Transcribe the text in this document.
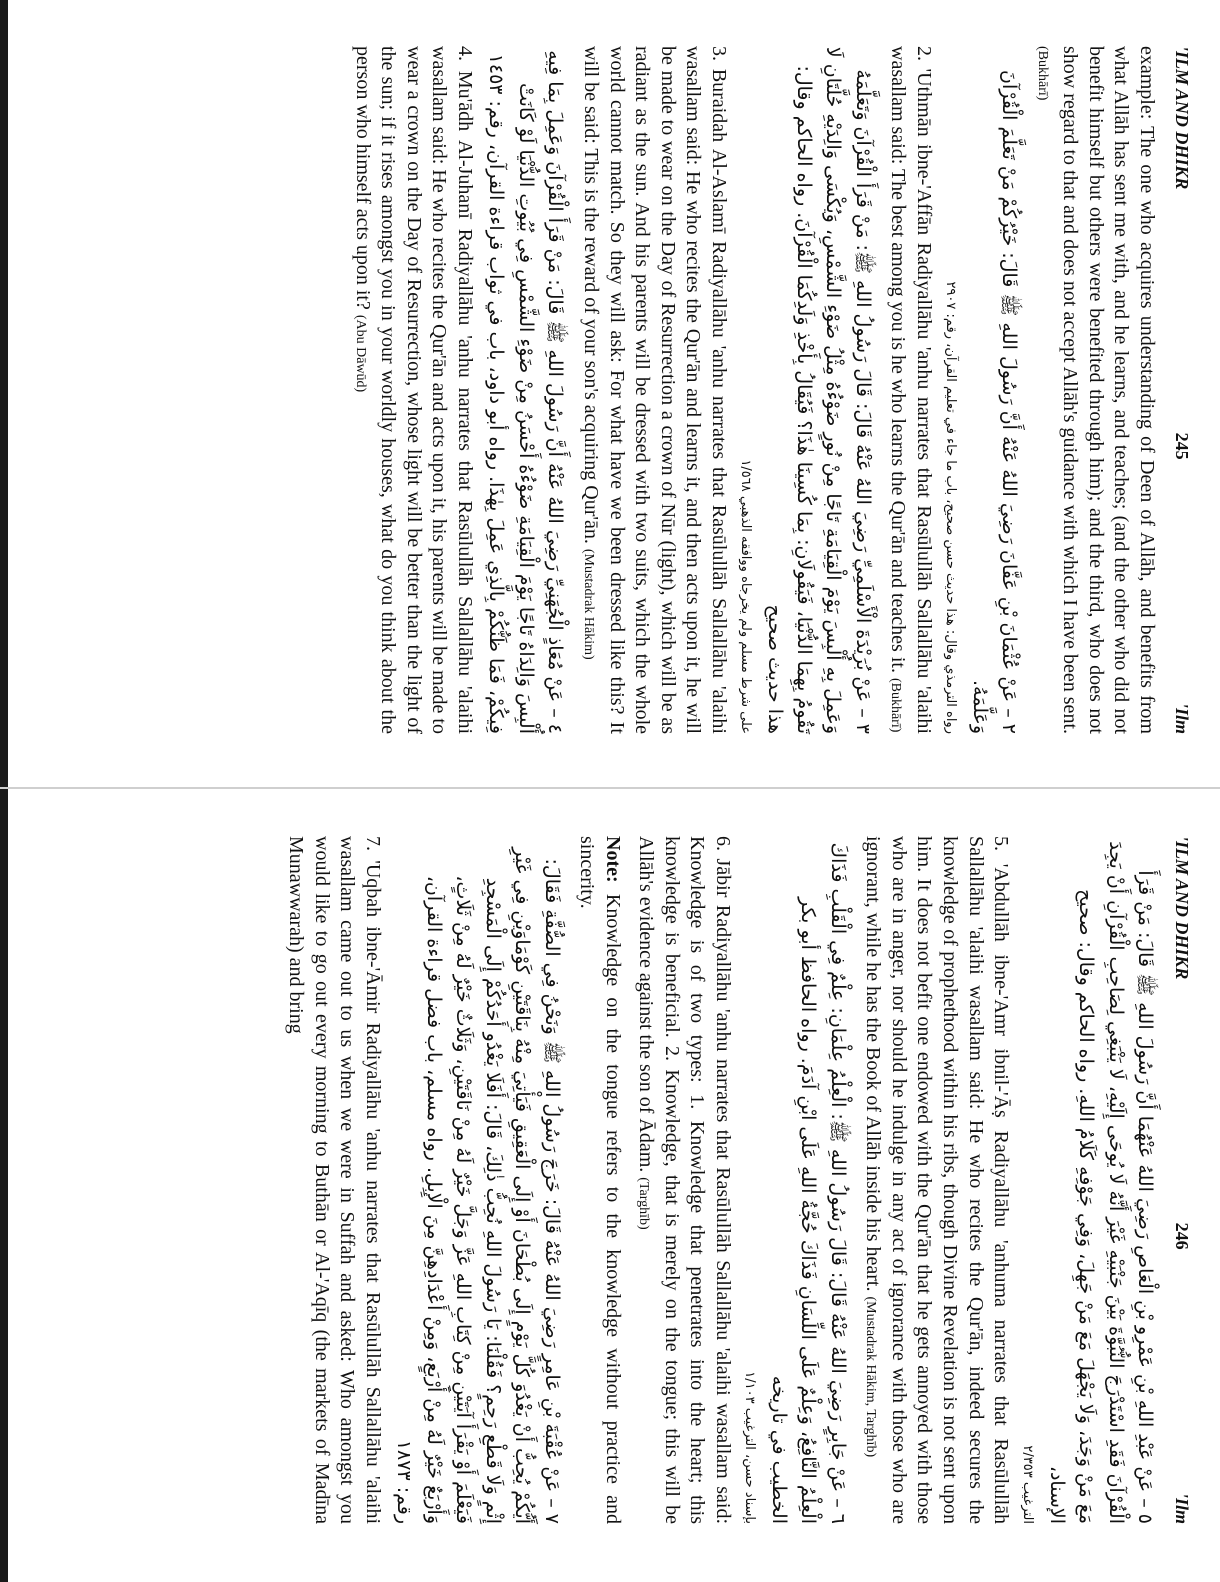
'ILM AND DHIKR
245
'Ilm

example: The one who acquires understanding of Deen of Allāh, and benefits from what Allāh has sent me with, and he learns, and teaches; (and the other who did not benefit himself but others were benefited through him); and the third, who does not show regard to that and does not accept Allāh's guidance with which I have been sent. (Bukhārī)

٢ – عَنْ عُثْمَانَ بْنِ عَفَّانَ رَضِيَ اللهُ عَنْهُ أَنَّ رَسُولَ اللهِ ﷺ قَالَ: خَيْرُكُمْ مَنْ تَعَلَّمَ الْقُرْآنَ وَعَلَّمَهُ.
رواه الترمذي وقال: هذا حديث حسن صحيح، باب ما جاء في تعليم القرآن، رقم: ٢٩٠٧

2. 'Uthmān ibne-'Affān Radiyallāhu 'anhu narrates that Rasūlullāh Sallallāhu 'alaihi wasallam said: The best among you is he who learns the Qur'ān and teaches it. (Bukhārī)

٣ – عَنْ بُرَيْدَةَ الْأَسْلَمِيِّ رَضِيَ اللهُ عَنْهُ قَالَ: قَالَ رَسُولُ اللهِ ﷺ: مَنْ قَرَأَ الْقُرْآنَ وَتَعَلَّمَهُ وَعَمِلَ بِهِ أُلْبِسَ يَوْمَ الْقِيَامَةِ تَاجًا مِنْ نُورٍ ضَوْءُهُ مِثْلُ ضَوْءِ الشَّمْسِ، وَيُكْسَى وَالِدَيْهِ حُلَّتَانِ لَا تَقُومُ بِهِمَا الدُّنْيَا، فَيَقُولَانِ: بِمَا كُسِينَا هٰذَا؟ فَيُقَالُ بِأَخْذِ وَلَدِكُمَا الْقُرْآنَ. رواه الحاكم وقال: هذا حديث صحيح
على شرط مسلم ولم يخرجاه ووافقه الذهبي ١/٥٦٨

3. Buraidah Al-Aslamī Radiyallāhu 'anhu narrates that Rasūlullāh Sallallāhu 'alaihi wasallam said: He who recites the Qur'ān and learns it, and then acts upon it, he will be made to wear on the Day of Resurrection a crown of Nūr (light), which will be as radiant as the sun. And his parents will be dressed with two suits, which the whole world cannot match. So they will ask: For what have we been dressed like this? It will be said: This is the reward of your son's acquiring Qur'ān. (Mustadrak Hākim)

٤ – عَنْ مُعَاذٍ الْجُهَنِيِّ رَضِيَ اللهُ عَنْهُ أَنَّ رَسُولَ اللهِ ﷺ قَالَ: مَنْ قَرَأَ الْقُرْآنَ وَعَمِلَ بِمَا فِيهِ أُلْبِسَ وَالِدَاهُ تَاجًا يَوْمَ الْقِيَامَةِ ضَوْءُهُ أَحْسَنُ مِنْ ضَوْءِ الشَّمْسِ فِي بُيُوتِ الدُّنْيَا لَوْ كَانَتْ فِيكُمْ، فَمَا ظَنُّكُمْ بِالَّذِي عَمِلَ بِهٰذَا. رواه أبو داود، باب في ثواب قراءة القرآن، رقم: ١٤٥٣

4. Mu'ādh Al-Juhanī Radiyallāhu 'anhu narrates that Rasūlullāh Sallallāhu 'alaihi wasallam said: He who recites the Qur'ān and acts upon it, his parents will be made to wear a crown on the Day of Resurrection, whose light will be better than the light of the sun; if it rises amongst you in your worldly houses, what do you think about the person who himself acts upon it? (Abu Dāwūd)

'ILM AND DHIKR
246
'Ilm
٥ – عَنْ عَبْدِ اللهِ بْنِ عَمْرِو بْنِ الْعَاصِ رَضِيَ اللهُ عَنْهُمَا أَنَّ رَسُولَ اللهِ ﷺ قَالَ: مَنْ قَرَأَ الْقُرْآنَ فَقَدِ اسْتَدْرَجَ النُّبُوَّةَ بَيْنَ جَنْبَيْهِ غَيْرَ أَنَّهُ لَا يُوحَى إِلَيْهِ، لَا يَنْبَغِي لِصَاحِبِ الْقُرْآنِ أَنْ يَجِدَ مَعَ مَنْ وَجَدَ، وَلَا يَجْهَلَ مَعَ مَنْ جَهِلَ، وَفِي جَوْفِهِ كَلَامُ اللهِ. رواه الحاكم وقال: صحيح الإسناد،
الترغيب ٢/٣٥٣

5. 'Abdullāh ibne-'Amr ibnil-'Āṣ Radiyallāhu 'anhuma narrates that Rasūlullāh Sallallāhu 'alaihi wasallam said: He who recites the Qur'ān, indeed secures the knowledge of prophethood within his ribs, though Divine Revelation is not sent upon him. It does not befit one endowed with the Qur'ān that he gets annoyed with those who are in anger, nor should he indulge in any act of ignorance with those who are ignorant, while he has the Book of Allāh inside his heart. (Mustadrak Hākim, Targhīb)

٦ – عَنْ جَابِرٍ رَضِيَ اللهُ عَنْهُ قَالَ: قَالَ رَسُولُ اللهِ ﷺ: الْعِلْمُ عِلْمَانِ: عِلْمٌ فِي الْقَلْبِ فَذَاكَ الْعِلْمُ النَّافِعُ، وَعِلْمٌ عَلَى اللِّسَانِ فَذَاكَ حُجَّةُ اللهِ عَلَى ابْنِ آدَمَ. رواه الحافظ أبو بكر الخطيب في تاريخه
بإسناد حسن، الترغيب ١/١٠٣

6. Jābir Radiyallāhu 'anhu narrates that Rasūlullāh Sallallāhu 'alaihi wasallam said: Knowledge is of two types: 1. Knowledge that penetrates into the heart; this knowledge is beneficial. 2. Knowledge, that is merely on the tongue; this will be Allāh's evidence against the son of Ādam. (Targhīb)

Note: Knowledge on the tongue refers to the knowledge without practice and sincerity.

٧ – عَنْ عُقْبَةَ بْنِ عَامِرٍ رَضِيَ اللهُ عَنْهُ قَالَ: خَرَجَ رَسُولُ اللهِ ﷺ وَنَحْنُ فِي الصُّفَّةِ فَقَالَ: أَيُّكُمْ يُحِبُّ أَنْ يَغْدُوَ كُلَّ يَوْمٍ إِلَى بُطْحَانَ أَوْ إِلَى الْعَقِيقِ فَيَأْتِيَ مِنْهُ بِنَاقَتَيْنِ كَوْمَاوَيْنِ فِي غَيْرِ إِثْمٍ وَلَا قَطْعِ رَحِمٍ؟ فَقُلْنَا: يَا رَسُولَ اللهِ نُحِبُّ ذٰلِكَ، قَالَ: أَفَلَا يَغْدُو أَحَدُكُمْ إِلَى الْمَسْجِدِ فَيَعْلَمَ أَوْ يَقْرَأَ آيَتَيْنِ مِنْ كِتَابِ اللهِ عَزَّ وَجَلَّ خَيْرٌ لَهُ مِنْ نَاقَتَيْنِ، وَثَلَاثٌ خَيْرٌ لَهُ مِنْ ثَلَاثٍ، وَأَرْبَعٌ خَيْرٌ لَهُ مِنْ أَرْبَعٍ، وَمِنْ أَعْدَادِهِنَّ مِنَ الْإِبِلِ. رواه مسلم، باب فضل قراءة القرآن، رقم: ١٨٧٣

7. 'Uqbah ibne-'Āmir Radiyallāhu 'anhu narrates that Rasūlullāh Sallallāhu 'alaihi wasallam came out to us when we were in Suffah and asked: Who amongst you would like to go out every morning to Buthān or Al-'Aqīq (the markets of Madīna Munawwarah) and bring
